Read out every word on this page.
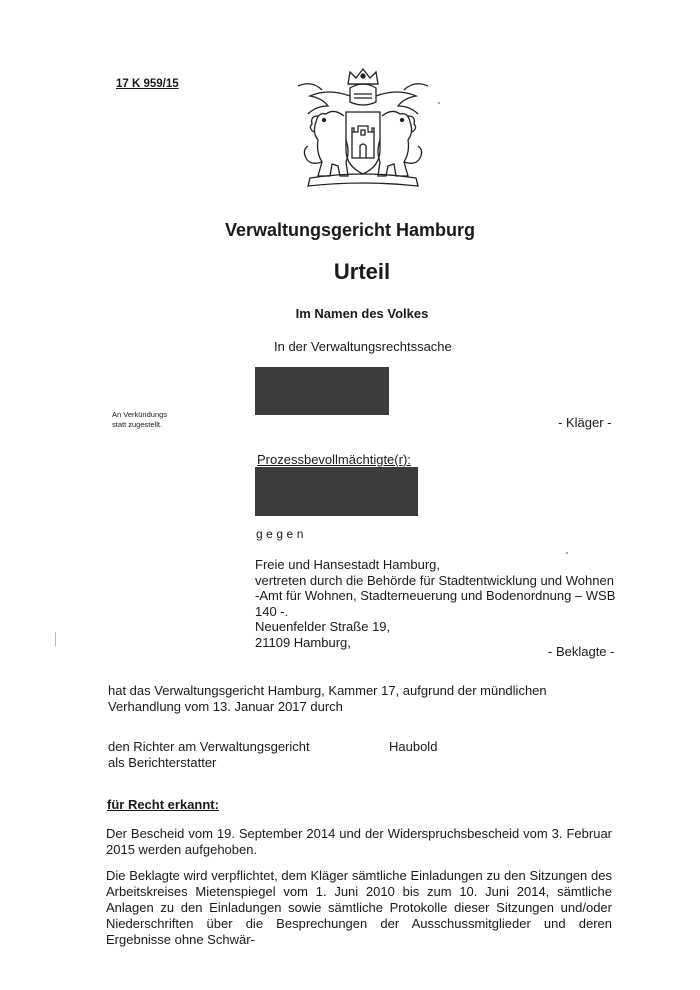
17 K 959/15
Verwaltungsgericht Hamburg
Urteil
Im Namen des Volkes
In der Verwaltungsrechtssache
An Verkündungs
statt zugestellt.	- Kläger -
Prozessbevollmächtigte(r):
gegen
Freie und Hansestadt Hamburg,
vertreten durch die Behörde für Stadtentwicklung und Wohnen
-Amt für Wohnen, Stadterneuerung und Bodenordnung – WSB
140 -.
Neuenfelder Straße 19,
21109 Hamburg,
- Beklagte -
hat das Verwaltungsgericht Hamburg, Kammer 17, aufgrund der mündlichen Verhandlung vom 13. Januar 2017 durch
den Richter am Verwaltungsgericht
als Berichterstatter
Haubold
für Recht erkannt:
Der Bescheid vom 19. September 2014 und der Widerspruchsbescheid vom 3. Februar 2015 werden aufgehoben.
Die Beklagte wird verpflichtet, dem Kläger sämtliche Einladungen zu den Sitzungen des Arbeitskreises Mietenspiegel vom 1. Juni 2010 bis zum 10. Juni 2014, sämtliche Anlagen zu den Einladungen sowie sämtliche Protokolle dieser Sitzungen und/oder Niederschriften über die Besprechungen der Ausschussmitglieder und deren Ergebnisse ohne Schwär-
